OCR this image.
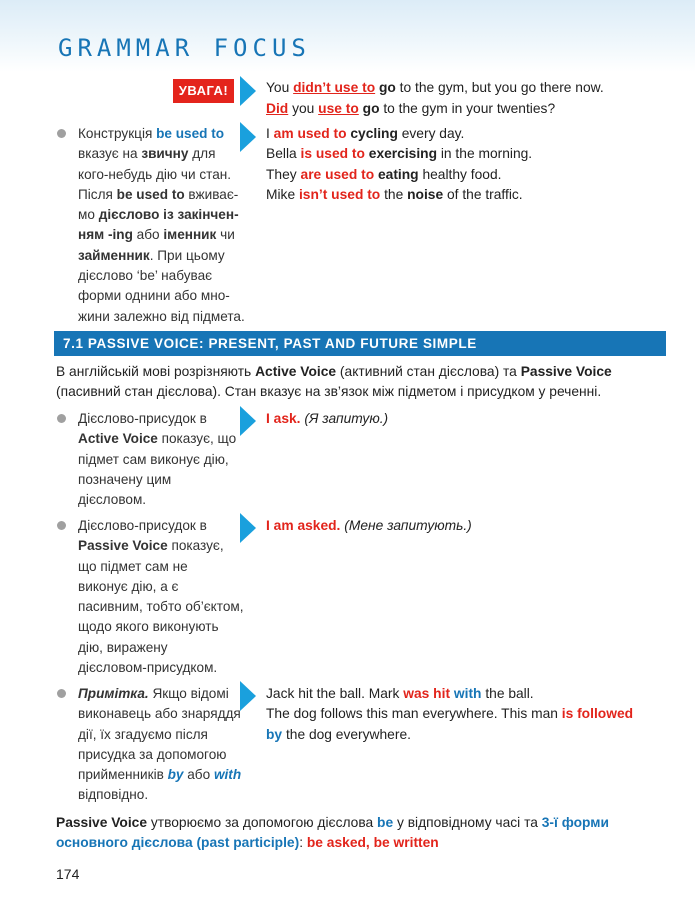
GRAMMAR FOCUS
УВАГА!	You didn’t use to go to the gym, but you go there now.
Did you use to go to the gym in your twenties?
Конструкція be used to
вказує на звичну для
кого-небудь дію чи стан.
Після be used to вживає-
мо дієслово із закінчен-
ням -ing або іменник чи
займенник. При цьому
дієслово ‘be’ набуває
форми однини або мно-
жини залежно від підмета.
I am used to cycling every day.
Bella is used to exercising in the morning.
They are used to eating healthy food.
Mike isn’t used to the noise of the traffic.
7.1 PASSIVE VOICE: PRESENT, PAST AND FUTURE SIMPLE
В англійській мові розрізняють Active Voice (активний стан дієслова) та Passive Voice
(пасивний стан дієслова). Стан вказує на зв’язок між підметом і присудком у реченні.
Дієслово-присудок в
Active Voice показує, що
підмет сам виконує дію,
позначену цим
дієсловом.
I ask. (Я запитую.)
Дієслово-присудок в
Passive Voice показує,
що підмет сам не
виконує дію, а є
пасивним, тобто об’єктом,
щодо якого виконують
дію, виражену
дієсловом-присудком.
I am asked. (Мене запитують.)
Примітка. Якщо відомі
виконавець або знаряддя
дії, їх згадуємо після
присудка за допомогою
прийменників by або with
відповідно.
Jack hit the ball. Mark was hit with the ball.
The dog follows this man everywhere. This man is followed
by the dog everywhere.
Passive Voice утворюємо за допомогою дієслова be у відповідному часі та 3-ї форми
основного дієслова (past participle): be asked, be written
174
